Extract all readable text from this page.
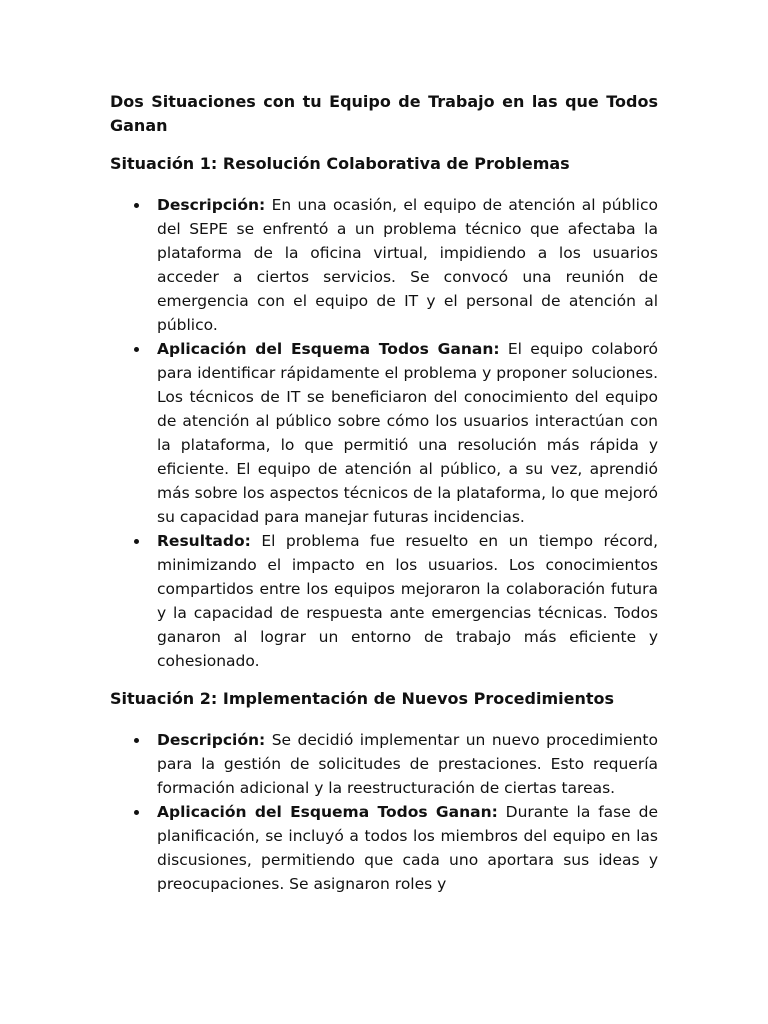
Dos Situaciones con tu Equipo de Trabajo en las que Todos Ganan
Situación 1: Resolución Colaborativa de Problemas
Descripción: En una ocasión, el equipo de atención al público del SEPE se enfrentó a un problema técnico que afectaba la plataforma de la oficina virtual, impidiendo a los usuarios acceder a ciertos servicios. Se convocó una reunión de emergencia con el equipo de IT y el personal de atención al público.
Aplicación del Esquema Todos Ganan: El equipo colaboró para identificar rápidamente el problema y proponer soluciones. Los técnicos de IT se beneficiaron del conocimiento del equipo de atención al público sobre cómo los usuarios interactúan con la plataforma, lo que permitió una resolución más rápida y eficiente. El equipo de atención al público, a su vez, aprendió más sobre los aspectos técnicos de la plataforma, lo que mejoró su capacidad para manejar futuras incidencias.
Resultado: El problema fue resuelto en un tiempo récord, minimizando el impacto en los usuarios. Los conocimientos compartidos entre los equipos mejoraron la colaboración futura y la capacidad de respuesta ante emergencias técnicas. Todos ganaron al lograr un entorno de trabajo más eficiente y cohesionado.
Situación 2: Implementación de Nuevos Procedimientos
Descripción: Se decidió implementar un nuevo procedimiento para la gestión de solicitudes de prestaciones. Esto requería formación adicional y la reestructuración de ciertas tareas.
Aplicación del Esquema Todos Ganan: Durante la fase de planificación, se incluyó a todos los miembros del equipo en las discusiones, permitiendo que cada uno aportara sus ideas y preocupaciones. Se asignaron roles y
